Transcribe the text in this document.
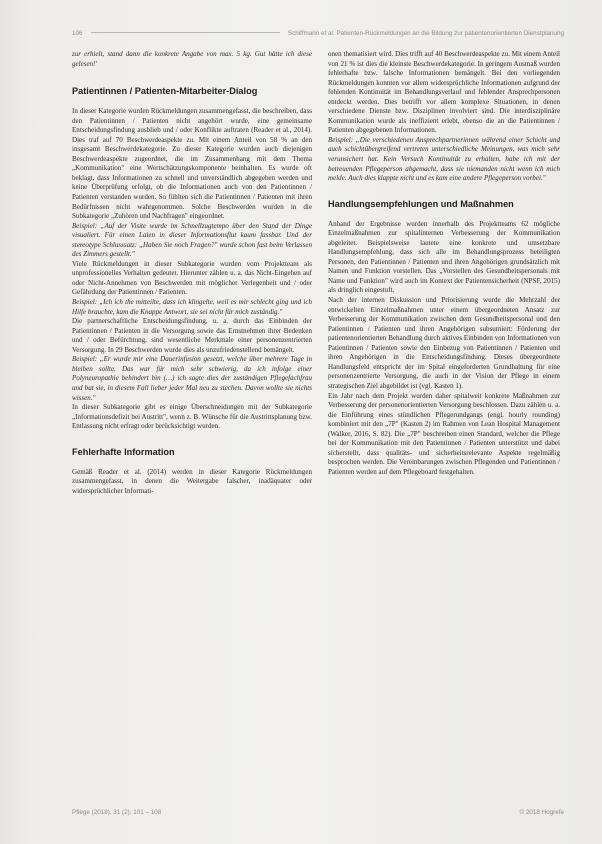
106	Schiffmann et al. Patienten-Rückmeldungen an die Bildung zur patientenorientierten Dienstplanung

zur erhielt, stand dann die konkrete Angabe von max. 5 kg. Gut hätte ich diese gelesen!'

Patientinnen / Patienten-Mitarbeiter-Dialog

In dieser Kategorie wurden Rückmeldungen zusammengefasst, die beschreiben, dass den Patientinnen / Patienten nicht angehört wurde, eine gemeinsame Entscheidungsfindung ausblieb und / oder Konflikte auftraten (Reader et al., 2014). Dies traf auf 70 Beschwerdeaspekte zu. Mit einem Anteil von 58 % an den insgesamt Beschwerdekategorie. Zu dieser Kategorie wurden auch diejenigen Beschwerdeaspekte zugeordnet, die im Zusammenhang mit dem Thema „Kommunikation" eine Wertschätzungskomponente beinhalten. Es wurde oft beklagt, dass Informationen zu schnell und unverständlich abgegeben werden und keine Überprüfung erfolgt, ob die Informationen auch von den Patientinnen / Patienten verstanden wurden. So fühlten sich die Patientinnen / Patienten mit ihren Bedürfnissen nicht wahrgenommen. Solche Beschwerden wurden in die Subkategorie „Zuhören und Nachfragen" eingeordnet.

Beispiel: „Auf der Visite wurde im Schnellzugtempo über den Stand der Dinge visualiert. Für einen Laien in dieser Informationsflut kaum fassbar. Und der stereotype Schlusssatz: „Haben Sie noch Fragen?" wurde schon fast beim Verlassen des Zimmers gestellt."

Viele Rückmeldungen in dieser Subkategorie wurden vom Projektteam als unprofessionelles Verhalten gedeutet. Hierunter zählen u. a. das Nicht-Eingehen auf oder Nicht-Annehmen von Beschwerden mit möglicher Verlegenheit und / oder Gefährdung der Patientinnen / Patienten.

Beispiel: „Ich ich the mitteilte, dass ich klingelte, weil es mir schlecht ging und ich Hilfe brauchte, kam die Knappe Antwort, sie sei nicht für mich zuständig."

Die partnerschaftliche Entscheidungsfindung, u. a. durch das Einbinden der Patientinnen / Patienten in die Versorgung sowie das Ernstnehmen ihrer Bedenken und / oder Befürchtung, sind wesentliche Merkmale einer personenzentrierten Versorgung. In 29 Beschwerden wurde dies als unzufriedenstellend bemängelt.

Beispiel: „Er wurde mir eine Dauerinfusion gesetzt, welche über mehrere Tage in bleiben sollte. Das war für mich sehr schwierig, da ich infolge einer Polyneuropathie behindert bin (…) ich sagte dies der zuständigen Pflegefachfrau und bat sie, in diesem Fall lieber jeder Mal neu zu stechen. Davon wollte sie nichts wissen."

In dieser Subkategorie gibt es einige Überschneidungen mit der Subkategorie „Informationsdefizit bei Austritt", wenn z. B. Wünsche für die Austrittsplanung bzw. Entlassung nicht erfragt oder berücksichtigt wurden.

Fehlerhafte Information

Gemäß Reader et al. (2014) werden in dieser Kategorie Rückmeldungen zusammengefasst, in denen die Weitergabe falscher, inadäquater oder widersprüchlicher Informati-

onen thematisiert wird. Dies trifft auf 40 Beschwerdeaspekte zu. Mit einem Anteil von 21 % ist dies die kleinste Beschwerdekategorie. In geringem Ausmaß wurden fehlerhafte bzw. falsche Informationen bemängelt. Bei den vorliegenden Rückmeldungen konnten vor allem widersprüchliche Informationen aufgrund der fehlenden Kontinuität im Behandlungsverlauf und fehlender Ansprechpersonen entdeckt werden. Dies betrifft vor allem komplexe Situationen, in denen verschiedene Dienste bzw. Disziplinen involviert sind. Die interdisziplinäre Kommunikation wurde als ineffizient erlebt, ebenso die an die Patientinnen / Patienten abgegebenen Informationen.

Beispiel: „Die verschiedenen Ansprechpartnerinnen während einer Schicht und auch schichtübergreifend vertreten unterschiedliche Meinungen, was mich sehr verunsichert hat. Kein Versuch Kontinuität zu erhalten, habe ich mit der betreuenden Pflegeperson abgemacht, dass sie niemanden nicht wenn ich mich melde. Auch dies klappte nicht und es kam eine andere Pflegeperson vorbei."

Handlungsempfehlungen und Maßnahmen

Anhand der Ergebnisse wurden innerhalb des Projektteams 62 mögliche Einzelmaßnahmen zur spitalinternen Verbesserung der Kommunikation abgeleitet. Beispielsweise lautete eine konkrete und umsetzbare Handlungsempfehlung, dass sich alle im Behandlungsprozess beteiligten Personen, den Patientinnen / Patienten und ihren Angehörigen grundsätzlich mit Namen und Funktion vorstellen. Das „Vorstellen des Gesundheitspersonals mit Name und Funktion" wird auch im Kontext der Patientensicherheit (NPSF, 2015) als dringlich eingestuft.

Nach der internen Diskussion und Priorisierung wurde die Mehrzahl der entwickelten Einzelmaßnahmen unter einem übergeordneten Ansatz zur Verbesserung der Kommunikation zwischen dem Gesundheitspersonal und den Patientinnen / Patienten und ihren Angehörigen subsumiert: Förderung der patientenorientierten Behandlung durch aktives Einbinden von Informationen von Patientinnen / Patienten sowie den Einbezug von Patientinnen / Patienten und ihren Angehörigen in die Entscheidungsfindung. Dieses übergeordnete Handlungsfeld entspricht der im Spital eingeforderten Grundhaltung für eine personenzentrierte Versorgung, die auch in der Vision der Pflege in einem strategischen Ziel abgebildet ist (vgl. Kasten 1).

Ein Jahr nach dem Projekt wurden daher spitalweit konkrete Maßnahmen zur Verbesserung der personenorientierten Versorgung beschlossen. Dazu zählen u. a. die Einführung eines stündlichen Pflegerundgangs (engl. hourly rounding) kombiniert mit den „7P" (Kasten 2) im Rahmen von Lean Hospital Management (Walker, 2016, S. 82). Die „7P" beschreiben einen Standard, welcher die Pflege bei der Kommunikation mit den Patientinnen / Patienten unterstützt und dabei sicherstellt, dass qualitäts- und sicherheitsrelevante Aspekte regelmäßig besprochen werden. Die Vereinbarungen zwischen Pflegenden und Patientinnen / Patienten werden auf dem Pflegeboard festgehalten.

Pflege (2018), 31 (2), 101 – 108	© 2018 Hogrefe
